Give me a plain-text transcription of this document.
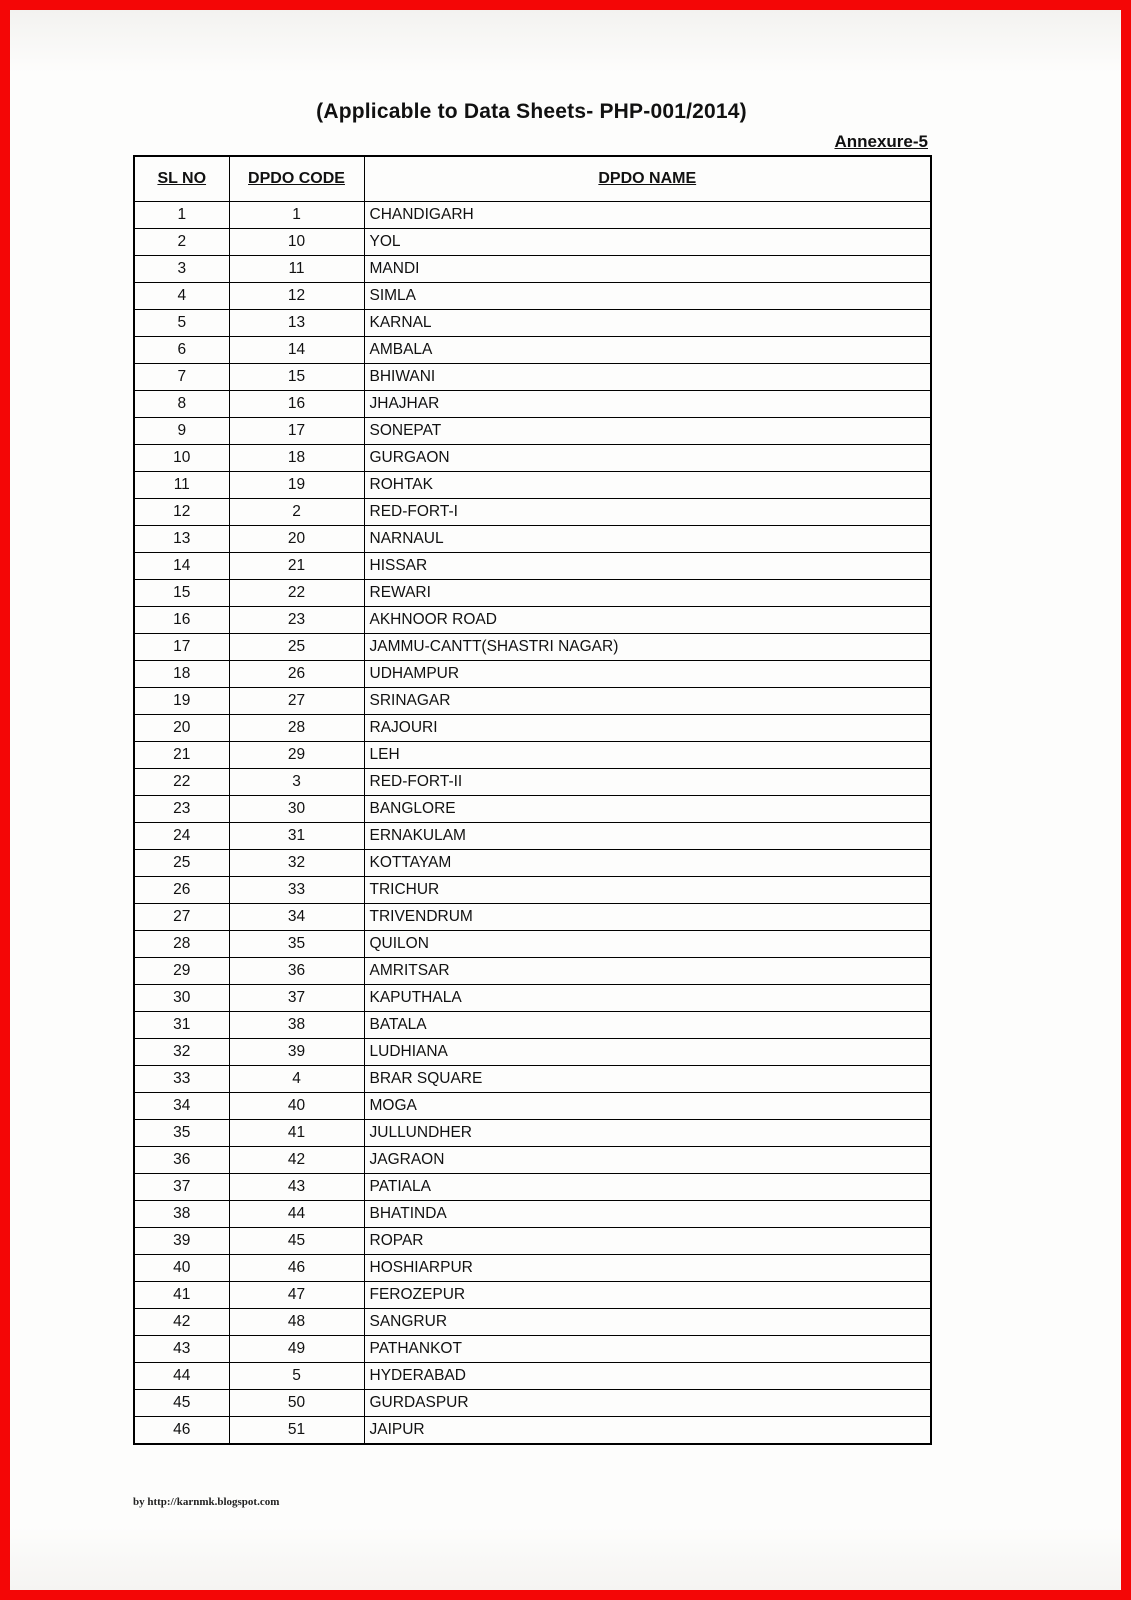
(Applicable to Data Sheets- PHP-001/2014)
Annexure-5
SL NO	DPDO CODE	DPDO NAME
1	1	CHANDIGARH
2	10	YOL
3	11	MANDI
4	12	SIMLA
5	13	KARNAL
6	14	AMBALA
7	15	BHIWANI
8	16	JHAJHAR
9	17	SONEPAT
10	18	GURGAON
11	19	ROHTAK
12	2	RED-FORT-I
13	20	NARNAUL
14	21	HISSAR
15	22	REWARI
16	23	AKHNOOR ROAD
17	25	JAMMU-CANTT(SHASTRI NAGAR)
18	26	UDHAMPUR
19	27	SRINAGAR
20	28	RAJOURI
21	29	LEH
22	3	RED-FORT-II
23	30	BANGLORE
24	31	ERNAKULAM
25	32	KOTTAYAM
26	33	TRICHUR
27	34	TRIVENDRUM
28	35	QUILON
29	36	AMRITSAR
30	37	KAPUTHALA
31	38	BATALA
32	39	LUDHIANA
33	4	BRAR SQUARE
34	40	MOGA
35	41	JULLUNDHER
36	42	JAGRAON
37	43	PATIALA
38	44	BHATINDA
39	45	ROPAR
40	46	HOSHIARPUR
41	47	FEROZEPUR
42	48	SANGRUR
43	49	PATHANKOT
44	5	HYDERABAD
45	50	GURDASPUR
46	51	JAIPUR
by http://karnmk.blogspot.com
